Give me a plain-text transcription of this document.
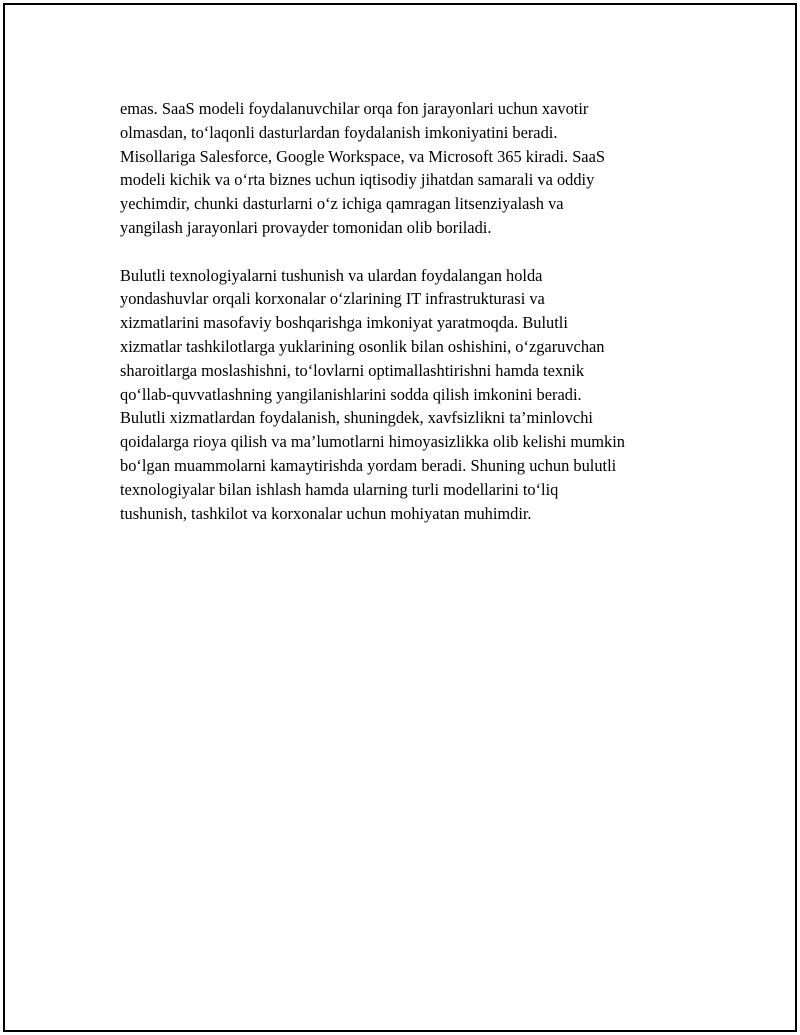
emas. SaaS modeli foydalanuvchilar orqa fon jarayonlari uchun xavotir
olmasdan, to‘laqonli dasturlardan foydalanish imkoniyatini beradi.
Misollariga Salesforce, Google Workspace, va Microsoft 365 kiradi. SaaS
modeli kichik va o‘rta biznes uchun iqtisodiy jihatdan samarali va oddiy
yechimdir, chunki dasturlarni o‘z ichiga qamragan litsenziyalash va
yangilash jarayonlari provayder tomonidan olib boriladi.
Bulutli texnologiyalarni tushunish va ulardan foydalangan holda
yondashuvlar orqali korxonalar o‘zlarining IT infrastrukturasi va
xizmatlarini masofaviy boshqarishga imkoniyat yaratmoqda. Bulutli
xizmatlar tashkilotlarga yuklarining osonlik bilan oshishini, o‘zgaruvchan
sharoitlarga moslashishni, to‘lovlarni optimallashtirishni hamda texnik
qo‘llab-quvvatlashning yangilanishlarini sodda qilish imkonini beradi.
Bulutli xizmatlardan foydalanish, shuningdek, xavfsizlikni ta’minlovchi
qoidalarga rioya qilish va ma’lumotlarni himoyasizlikka olib kelishi mumkin
bo‘lgan muammolarni kamaytirishda yordam beradi. Shuning uchun bulutli
texnologiyalar bilan ishlash hamda ularning turli modellarini to‘liq
tushunish, tashkilot va korxonalar uchun mohiyatan muhimdir.
